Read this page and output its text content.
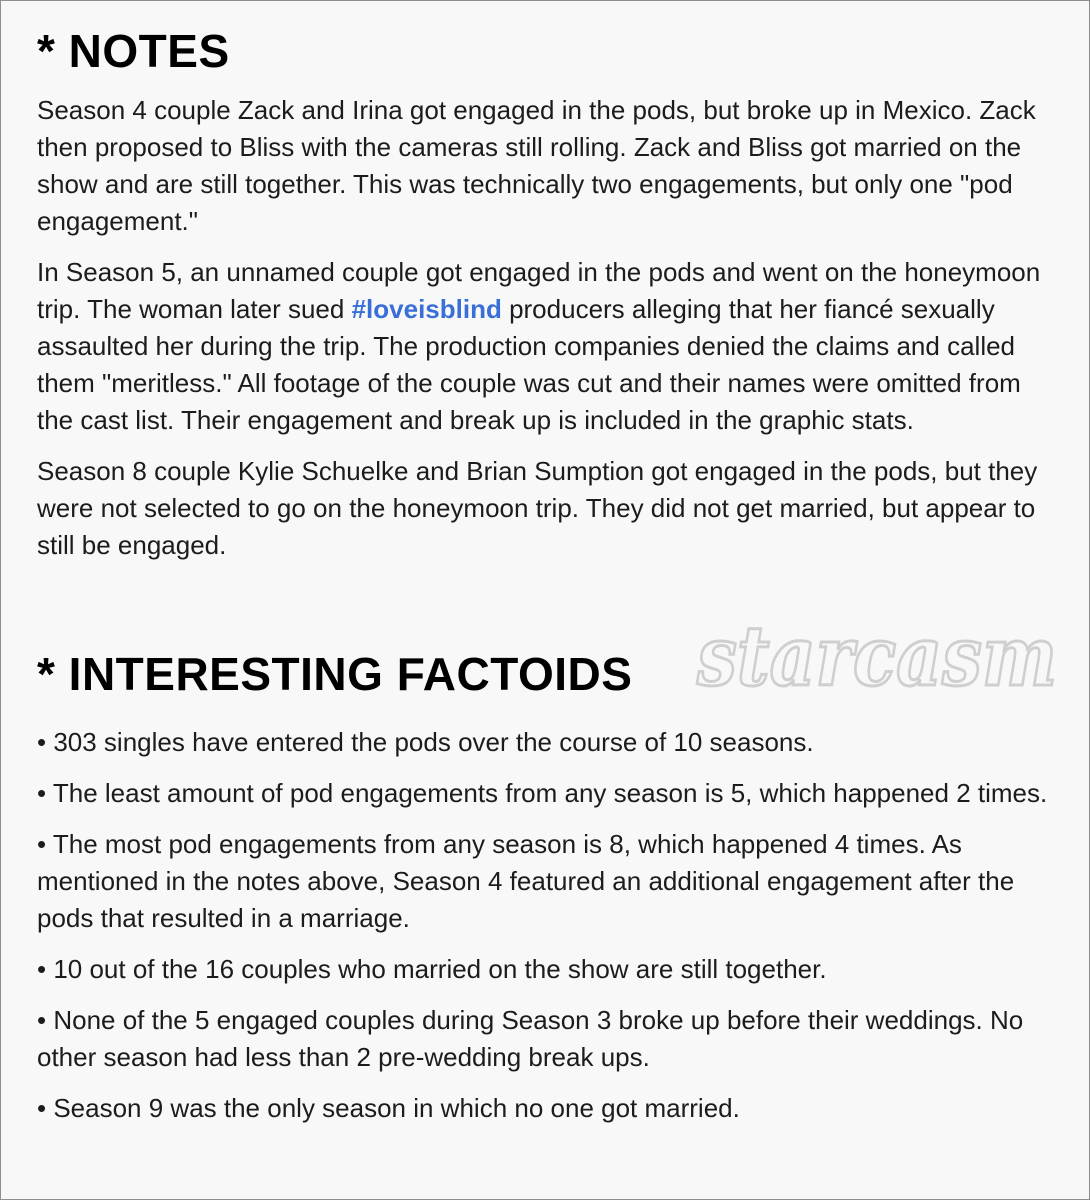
* NOTES

Season 4 couple Zack and Irina got engaged in the pods, but broke up in Mexico. Zack then proposed to Bliss with the cameras still rolling. Zack and Bliss got married on the show and are still together. This was technically two engagements, but only one "pod engagement."

In Season 5, an unnamed couple got engaged in the pods and went on the honeymoon trip. The woman later sued #loveisblind producers alleging that her fiancé sexually assaulted her during the trip. The production companies denied the claims and called them "meritless." All footage of the couple was cut and their names were omitted from the cast list. Their engagement and break up is included in the graphic stats.

Season 8 couple Kylie Schuelke and Brian Sumption got engaged in the pods, but they were not selected to go on the honeymoon trip. They did not get married, but appear to still be engaged.

starcasm
* INTERESTING FACTOIDS

• 303 singles have entered the pods over the course of 10 seasons.

• The least amount of pod engagements from any season is 5, which happened 2 times.

• The most pod engagements from any season is 8, which happened 4 times. As mentioned in the notes above, Season 4 featured an additional engagement after the pods that resulted in a marriage.

• 10 out of the 16 couples who married on the show are still together.

• None of the 5 engaged couples during Season 3 broke up before their weddings. No other season had less than 2 pre-wedding break ups.

• Season 9 was the only season in which no one got married.
